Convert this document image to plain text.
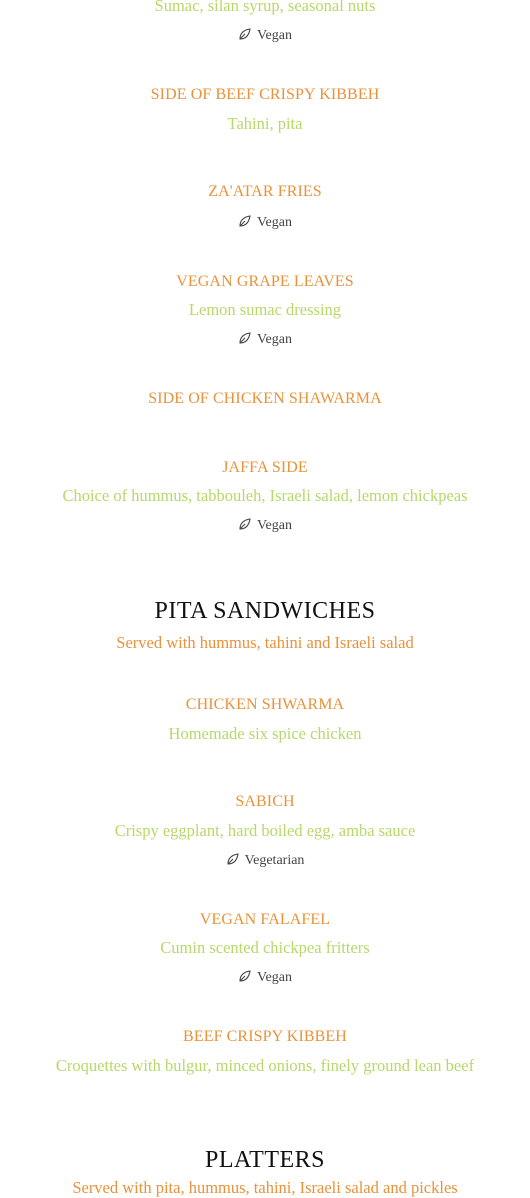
Sumac, silan syrup, seasonal nuts
Vegan
SIDE OF BEEF CRISPY KIBBEH
Tahini, pita
ZA'ATAR FRIES
Vegan
VEGAN GRAPE LEAVES
Lemon sumac dressing
Vegan
SIDE OF CHICKEN SHAWARMA
JAFFA SIDE
Choice of hummus, tabbouleh, Israeli salad, lemon chickpeas
Vegan
PITA SANDWICHES
Served with hummus, tahini and Israeli salad
CHICKEN SHWARMA
Homemade six spice chicken
SABICH
Crispy eggplant, hard boiled egg, amba sauce
Vegetarian
VEGAN FALAFEL
Cumin scented chickpea fritters
Vegan
BEEF CRISPY KIBBEH
Croquettes with bulgur, minced onions, finely ground lean beef
PLATTERS
Served with pita, hummus, tahini, Israeli salad and pickles
